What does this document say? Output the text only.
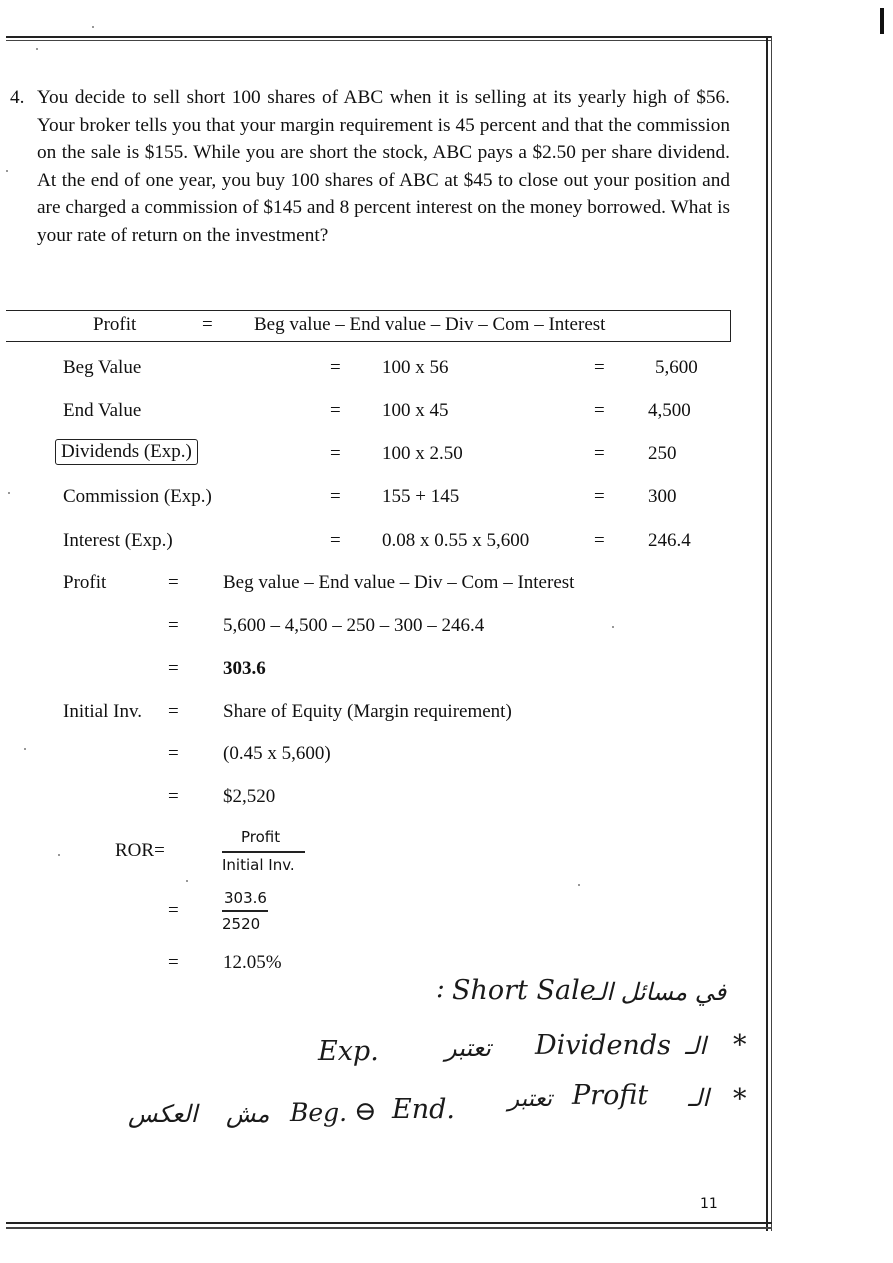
4. You decide to sell short 100 shares of ABC when it is selling at its yearly high of $56. Your broker tells you that your margin requirement is 45 percent and that the commission on the sale is $155. While you are short the stock, ABC pays a $2.50 per share dividend. At the end of one year, you buy 100 shares of ABC at $45 to close out your position and are charged a commission of $145 and 8 percent interest on the money borrowed. What is your rate of return on the investment?
Profit	= Beg value – End value – Div – Com – Interest
Beg Value	= 100 x 56	=	5,600
End Value	= 100 x 45	= 4,500
Dividends (Exp.)	= 100 x 2.50	= 250
Commission (Exp.)	= 155 + 145	= 300
Interest (Exp.)	= 0.08 x 0.55 x 5,600	= 246.4
Profit	= Beg value – End value – Div – Com – Interest
= 5,600 – 4,500 – 250 – 300 – 246.4
= 303.6
Initial Inv. = Share of Equity (Margin requirement)
= (0.45 x 5,600)
= $2,520
ROR=
Profit
Initial Inv.
=
303.6
2520
= 12.05%
: Short Sale
في مسائل الـ
Exp.	تعتبر Dividends الـ *
العكس مش Beg. ⊖ End. تعتبر Profit الـ *
11
